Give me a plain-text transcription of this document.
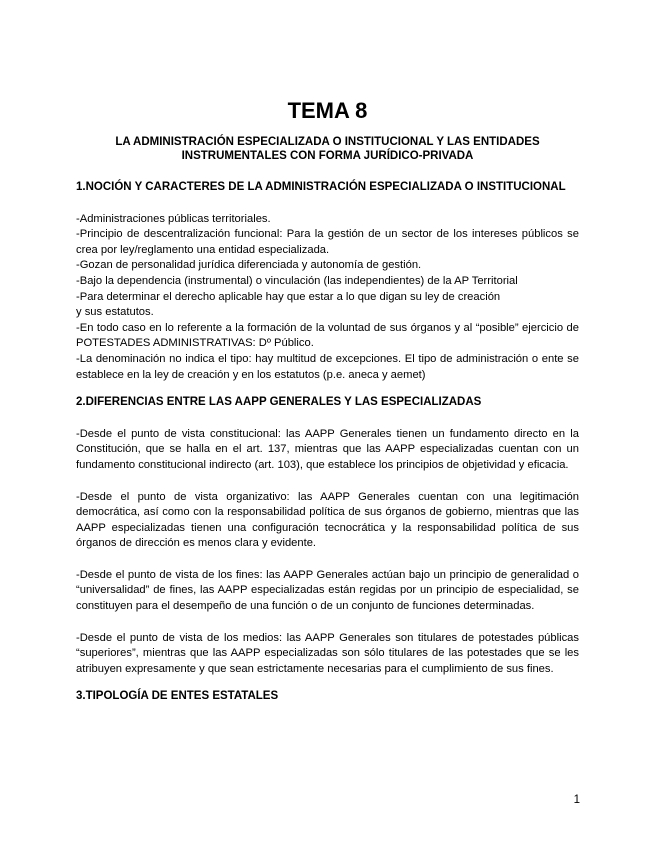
TEMA 8
LA ADMINISTRACIÓN ESPECIALIZADA O INSTITUCIONAL Y LAS ENTIDADES
INSTRUMENTALES CON FORMA JURÍDICO-PRIVADA

1.NOCIÓN Y CARACTERES DE LA ADMINISTRACIÓN ESPECIALIZADA O INSTITUCIONAL

-Administraciones públicas territoriales.

-Principio de descentralización funcional: Para la gestión de un sector de los intereses públicos se crea por ley/reglamento una entidad especializada.

-Gozan de personalidad jurídica diferenciada y autonomía de gestión.

-Bajo la dependencia (instrumental) o vinculación (las independientes) de la AP Territorial

-Para determinar el derecho aplicable hay que estar a lo que digan su ley de creación

y sus estatutos.

-En todo caso en lo referente a la formación de la voluntad de sus órganos y al “posible” ejercicio de POTESTADES ADMINISTRATIVAS: Dº Público.

-La denominación no indica el tipo: hay multitud de excepciones. El tipo de administración o ente se establece en la ley de creación y en los estatutos (p.e. aneca y aemet)

2.DIFERENCIAS ENTRE LAS AAPP GENERALES Y LAS ESPECIALIZADAS

-Desde el punto de vista constitucional: las AAPP Generales tienen un fundamento directo en la Constitución, que se halla en el art. 137, mientras que las AAPP especializadas cuentan con un fundamento constitucional indirecto (art. 103), que establece los principios de objetividad y eficacia.

-Desde el punto de vista organizativo: las AAPP Generales cuentan con una legitimación democrática, así como con la responsabilidad política de sus órganos de gobierno, mientras que las AAPP especializadas tienen una configuración tecnocrática y la responsabilidad política de sus órganos de dirección es menos clara y evidente.

-Desde el punto de vista de los fines: las AAPP Generales actúan bajo un principio de generalidad o “universalidad” de fines, las AAPP especializadas están regidas por un principio de especialidad, se constituyen para el desempeño de una función o de un conjunto de funciones determinadas.

-Desde el punto de vista de los medios: las AAPP Generales son titulares de potestades públicas “superiores”, mientras que las AAPP especializadas son sólo titulares de las potestades que se les atribuyen expresamente y que sean estrictamente necesarias para el cumplimiento de sus fines.

3.TIPOLOGÍA DE ENTES ESTATALES

1
